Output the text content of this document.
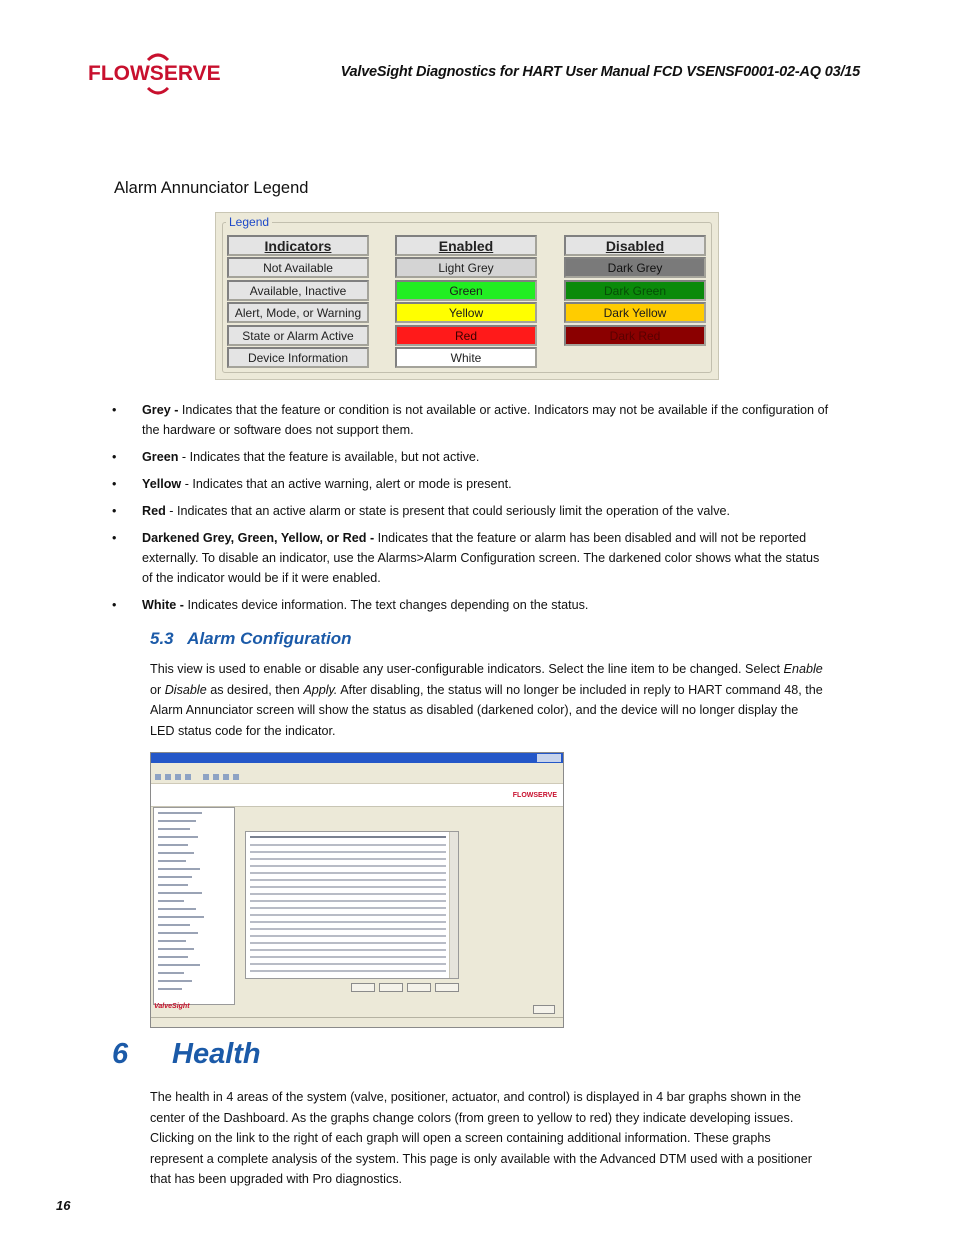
FLOWSERVE	ValveSight Diagnostics for HART User Manual FCD VSENSF0001-02-AQ 03/15
Alarm Annunciator Legend
Legend
Indicators
Not Available
Available, Inactive
Alert, Mode, or Warning
State or Alarm Active
Device Information
Enabled
Light Grey
Green
Yellow
Red
White
Disabled
Dark Grey
Dark Green
Dark Yellow
Dark Red
• Grey - Indicates that the feature or condition is not available or active. Indicators may not be available if the configuration of the hardware or software does not support them.
• Green - Indicates that the feature is available, but not active.
• Yellow - Indicates that an active warning, alert or mode is present.
• Red - Indicates that an active alarm or state is present that could seriously limit the operation of the valve.
• Darkened Grey, Green, Yellow, or Red - Indicates that the feature or alarm has been disabled and will not be reported externally. To disable an indicator, use the Alarms>Alarm Configuration screen. The darkened color shows what the status of the indicator would be if it were enabled.
• White - Indicates device information. The text changes depending on the status.
5.3   Alarm Configuration
This view is used to enable or disable any user-configurable indicators. Select the line item to be changed. Select Enable or Disable as desired, then Apply. After disabling, the status will no longer be included in reply to HART command 48, the Alarm Annunciator screen will show the status as disabled (darkened color), and the device will no longer display the LED status code for the indicator.
FLOWSERVE
ValveSight
6 Health
The health in 4 areas of the system (valve, positioner, actuator, and control) is displayed in 4 bar graphs shown in the center of the Dashboard. As the graphs change colors (from green to yellow to red) they indicate developing issues. Clicking on the link to the right of each graph will open a screen containing additional information. These graphs represent a complete analysis of the system. This page is only available with the Advanced DTM used with a positioner that has been upgraded with Pro diagnostics.
16
